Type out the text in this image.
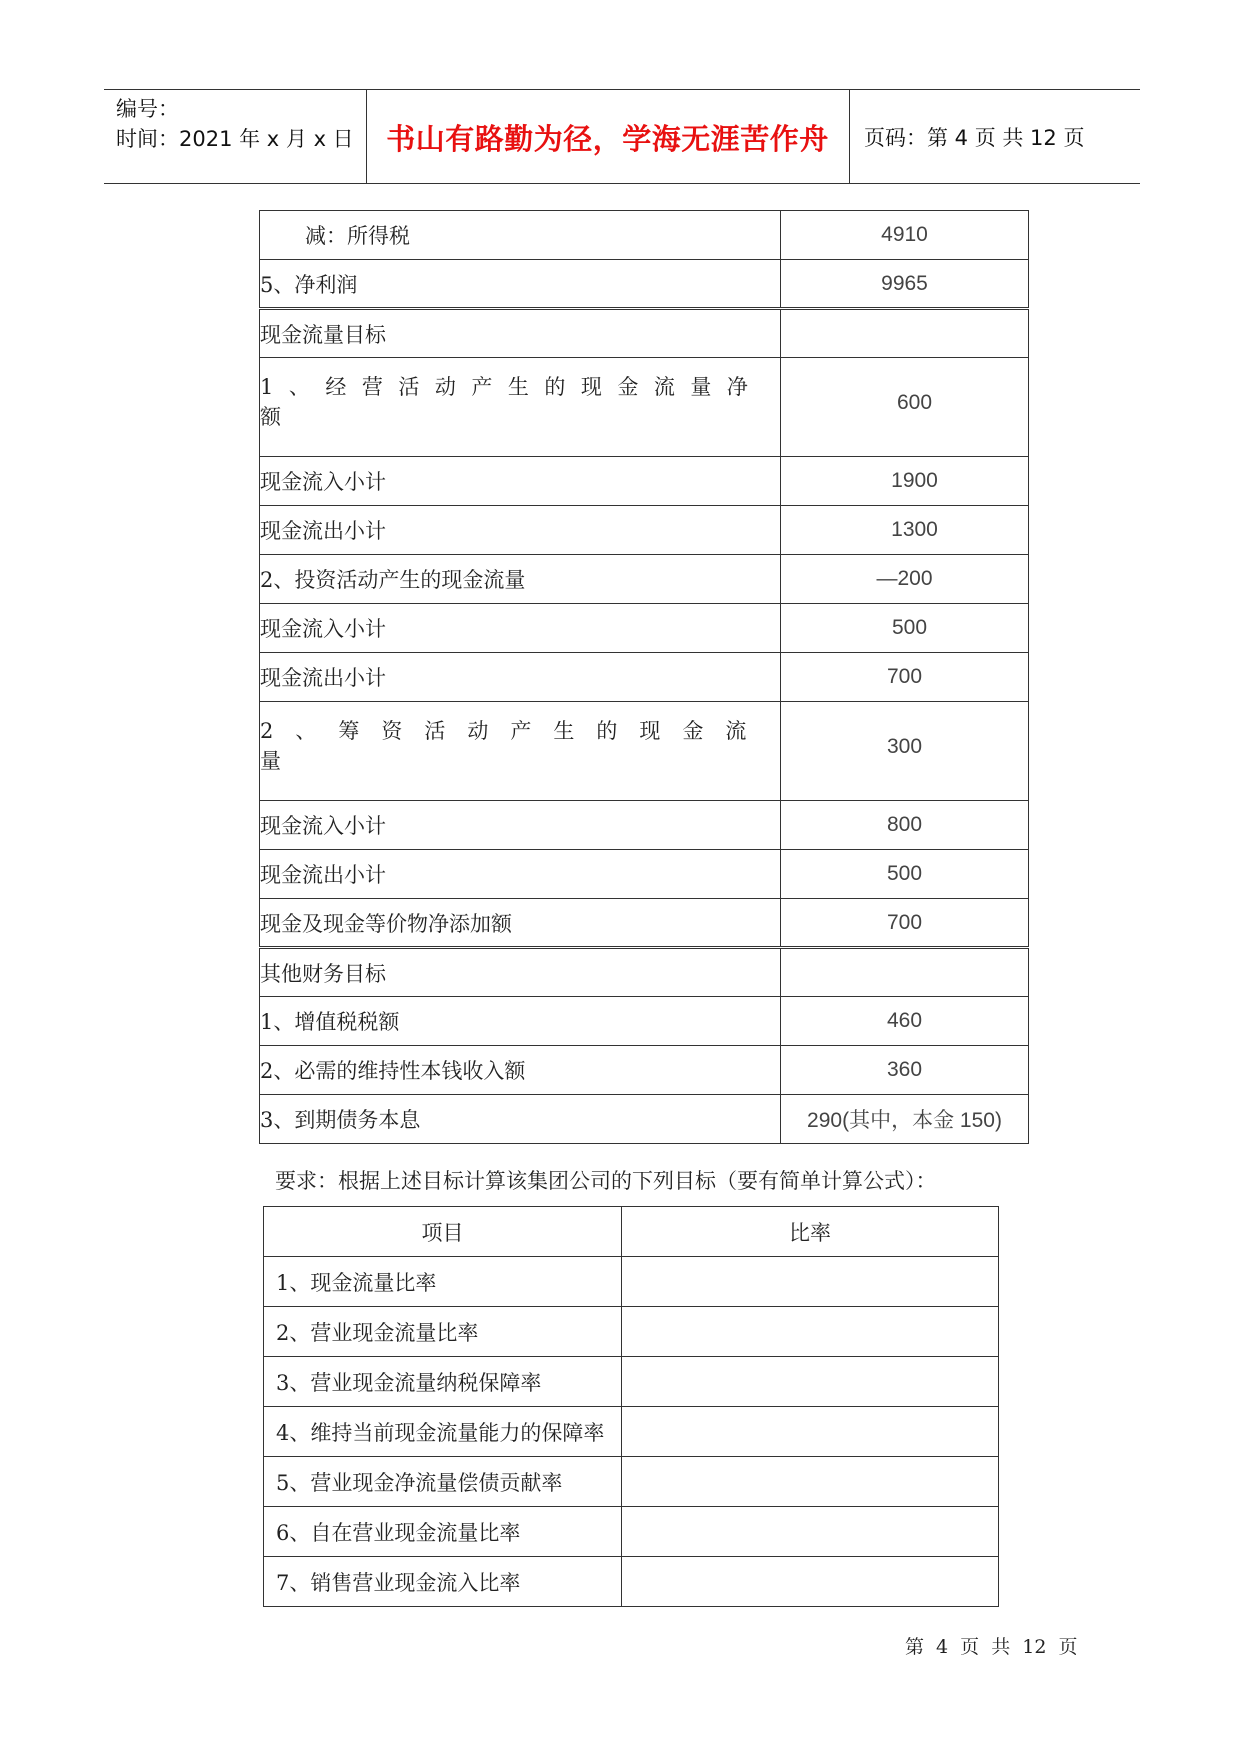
编号：
时间：2021 年 x 月 x 日	书山有路勤为径，学海无涯苦作舟	页码：第 4 页 共 12 页
减：所得税	4910
5、净利润	9965
现金流量目标	
1、经营活动产生的现金流量净额	600
现金流入小计	1900
现金流出小计	1300
2、投资活动产生的现金流量	—200
现金流入小计	500
现金流出小计	700
2、筹资活动产生的现金流量	300
现金流入小计	800
现金流出小计	500
现金及现金等价物净添加额	700
其他财务目标	
1、增值税税额	460
2、必需的维持性本钱收入额	360
3、到期债务本息	290(其中，本金 150)
要求：根据上述目标计算该集团公司的下列目标（要有简单计算公式）：
项目	比率
1、现金流量比率	
2、营业现金流量比率	
3、营业现金流量纳税保障率	
4、维持当前现金流量能力的保障率	
5、营业现金净流量偿债贡献率	
6、自在营业现金流量比率	
7、销售营业现金流入比率	
第 4 页 共 12 页
